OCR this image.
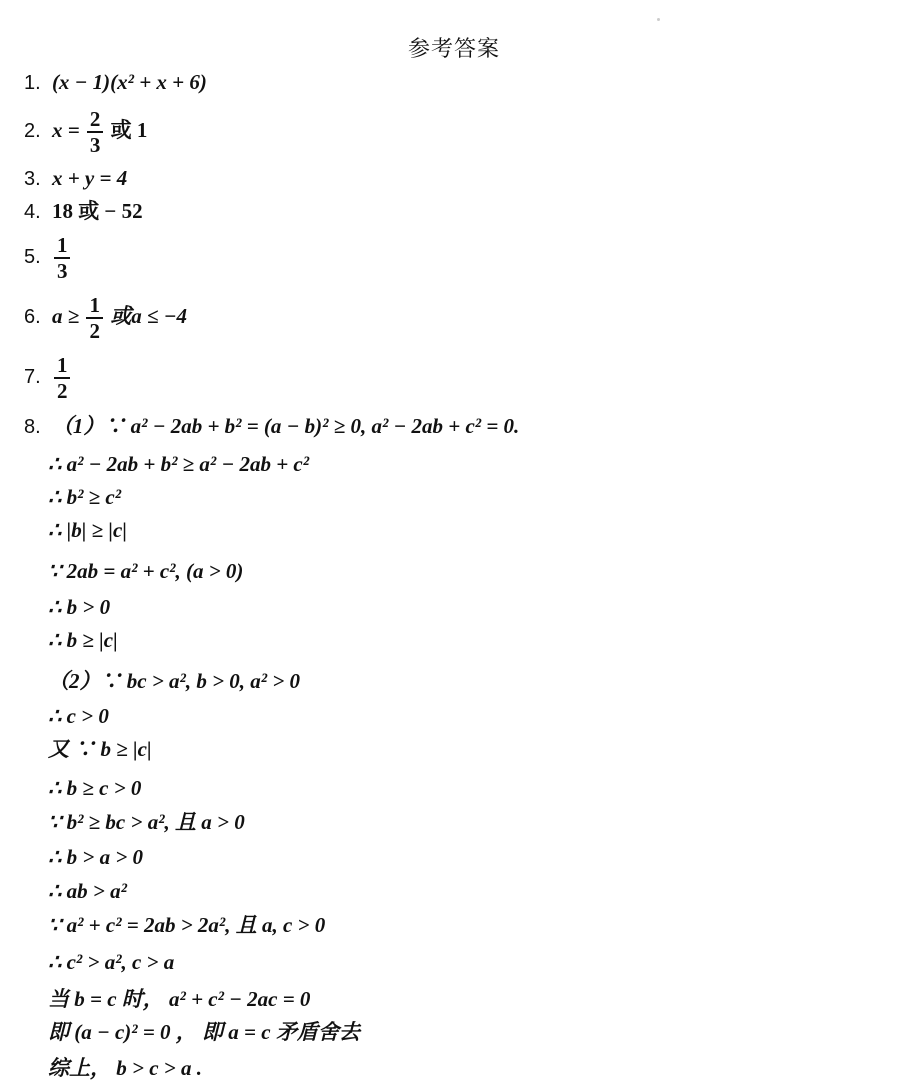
参考答案
1. (x − 1)(x² + x + 6)
2. $x = \frac{2}{3}$ 或 1
3. x + y = 4
4. 18 或 − 52
5. $\frac{1}{3}$
6. $a \ge \frac{1}{2}$ 或a ≤ −4
7. $\frac{1}{2}$
8. （1）∵ a² − 2ab + b² = (a − b)² ≥ 0, a² − 2ab + c² = 0.
∴ a² − 2ab + b² ≥ a² − 2ab + c²
∴ b² ≥ c²
∴ |b| ≥ |c|
∵ 2ab = a² + c², (a > 0)
∴ b > 0
∴ b ≥ |c|
（2）∵ bc > a², b > 0, a² > 0
∴ c > 0
又 ∵ b ≥ |c|
∴ b ≥ c > 0
∵ b² ≥ bc > a², 且 a > 0
∴ b > a > 0
∴ ab > a²
∵ a² + c² = 2ab > 2a², 且 a, c > 0
∴ c² > a², c > a
当 b = c 时， a² + c² − 2ac = 0
即 (a − c)² = 0 ， 即 a = c 矛盾舍去
综上， b > c > a .
